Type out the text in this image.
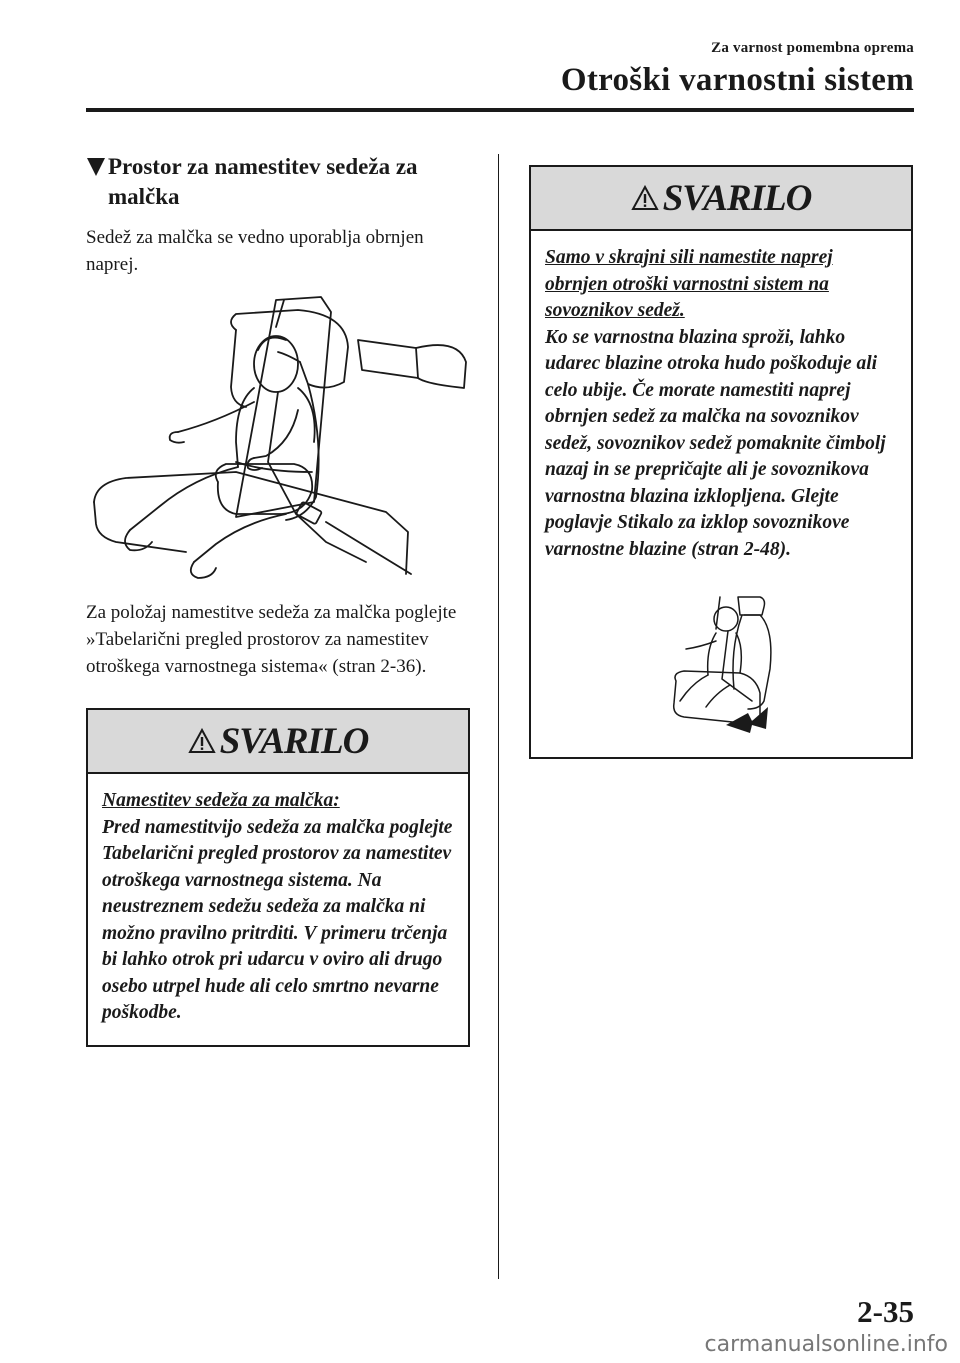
Za varnost pomembna oprema
Otroški varnostni sistem
Prostor za namestitev sedeža za
malčka
Sedež za malčka se vedno uporablja obrnjen naprej.
Za položaj namestitve sedeža za malčka poglejte »Tabelarični pregled prostorov za namestitev otroškega varnostnega sistema« (stran 2-36).
SVARILO
Namestitev sedeža za malčka:
Pred namestitvijo sedeža za malčka poglejte Tabelarični pregled prostorov za namestitev otroškega varnostnega sistema. Na neustreznem sedežu sedeža za malčka ni možno pravilno pritrditi. V primeru trčenja bi lahko otrok pri udarcu v oviro ali drugo osebo utrpel hude ali celo smrtno nevarne poškodbe.
SVARILO
Samo v skrajni sili namestite naprej obrnjen otroški varnostni sistem na sovoznikov sedež.
Ko se varnostna blazina sproži, lahko udarec blazine otroka hudo poškoduje ali celo ubije. Če morate namestiti naprej obrnjen sedež za malčka na sovoznikov sedež, sovoznikov sedež pomaknite čimbolj nazaj in se prepričajte ali je sovoznikova varnostna blazina izklopljena. Glejte poglavje Stikalo za izklop sovoznikove varnostne blazine (stran 2-48).
2-35
carmanualsonline.info
